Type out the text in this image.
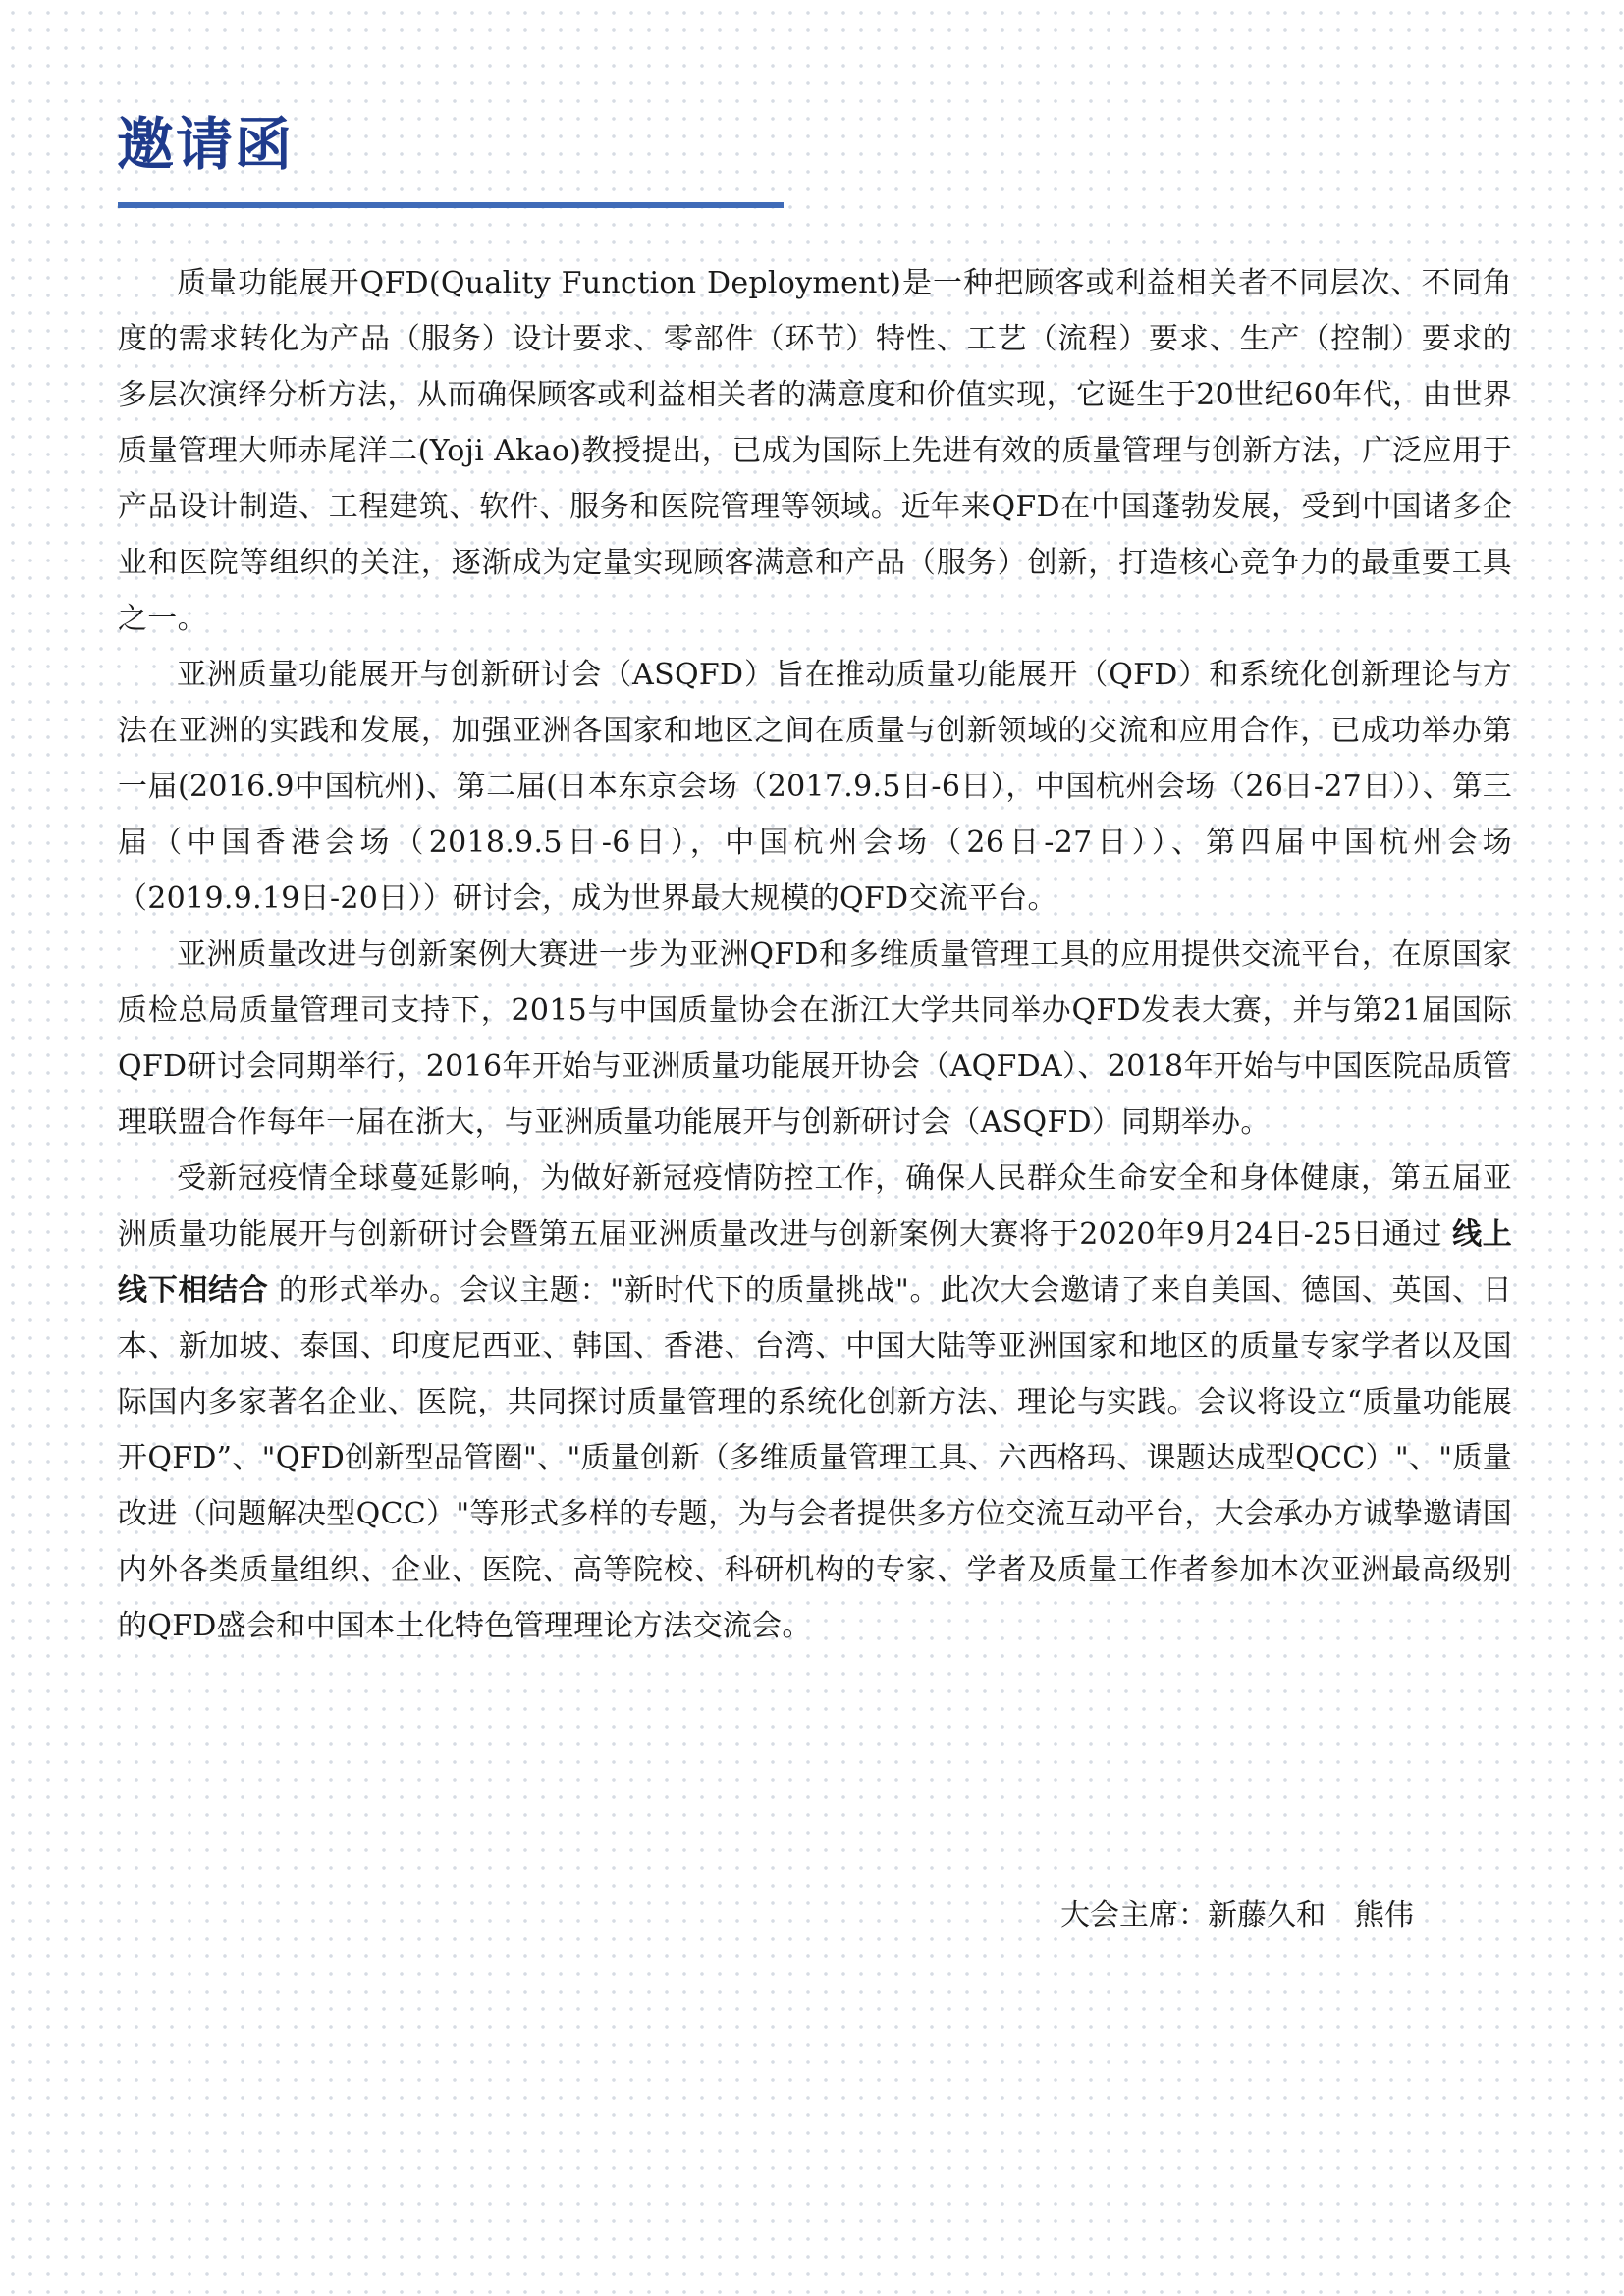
邀请函

质量功能展开QFD(Quality Function Deployment)是一种把顾客或利益相关者不同层次、不同角度的需求转化为产品（服务）设计要求、零部件（环节）特性、工艺（流程）要求、生产（控制）要求的多层次演绎分析方法，从而确保顾客或利益相关者的满意度和价值实现，它诞生于20世纪60年代，由世界质量管理大师赤尾洋二(Yoji Akao)教授提出，已成为国际上先进有效的质量管理与创新方法，广泛应用于产品设计制造、工程建筑、软件、服务和医院管理等领域。近年来QFD在中国蓬勃发展，受到中国诸多企业和医院等组织的关注，逐渐成为定量实现顾客满意和产品（服务）创新，打造核心竞争力的最重要工具之一。

亚洲质量功能展开与创新研讨会（ASQFD）旨在推动质量功能展开（QFD）和系统化创新理论与方法在亚洲的实践和发展，加强亚洲各国家和地区之间在质量与创新领域的交流和应用合作，已成功举办第一届(2016.9中国杭州)、第二届(日本东京会场（2017.9.5日-6日），中国杭州会场（26日-27日））、第三届（中国香港会场（2018.9.5日-6日），中国杭州会场（26日-27日））、第四届中国杭州会场（2019.9.19日-20日））研讨会，成为世界最大规模的QFD交流平台。

亚洲质量改进与创新案例大赛进一步为亚洲QFD和多维质量管理工具的应用提供交流平台，在原国家质检总局质量管理司支持下，2015与中国质量协会在浙江大学共同举办QFD发表大赛，并与第21届国际QFD研讨会同期举行，2016年开始与亚洲质量功能展开协会（AQFDA）、2018年开始与中国医院品质管理联盟合作每年一届在浙大，与亚洲质量功能展开与创新研讨会（ASQFD）同期举办。

受新冠疫情全球蔓延影响，为做好新冠疫情防控工作，确保人民群众生命安全和身体健康，第五届亚洲质量功能展开与创新研讨会暨第五届亚洲质量改进与创新案例大赛将于2020年9月24日-25日通过 线上线下相结合 的形式举办。会议主题："新时代下的质量挑战"。此次大会邀请了来自美国、德国、英国、日本、新加坡、泰国、印度尼西亚、韩国、香港、台湾、中国大陆等亚洲国家和地区的质量专家学者以及国际国内多家著名企业、医院，共同探讨质量管理的系统化创新方法、理论与实践。会议将设立“质量功能展开QFD”、"QFD创新型品管圈"、"质量创新（多维质量管理工具、六西格玛、课题达成型QCC）"、"质量改进（问题解决型QCC）"等形式多样的专题，为与会者提供多方位交流互动平台，大会承办方诚挚邀请国内外各类质量组织、企业、医院、高等院校、科研机构的专家、学者及质量工作者参加本次亚洲最高级别的QFD盛会和中国本土化特色管理理论方法交流会。

大会主席：新藤久和　熊伟
